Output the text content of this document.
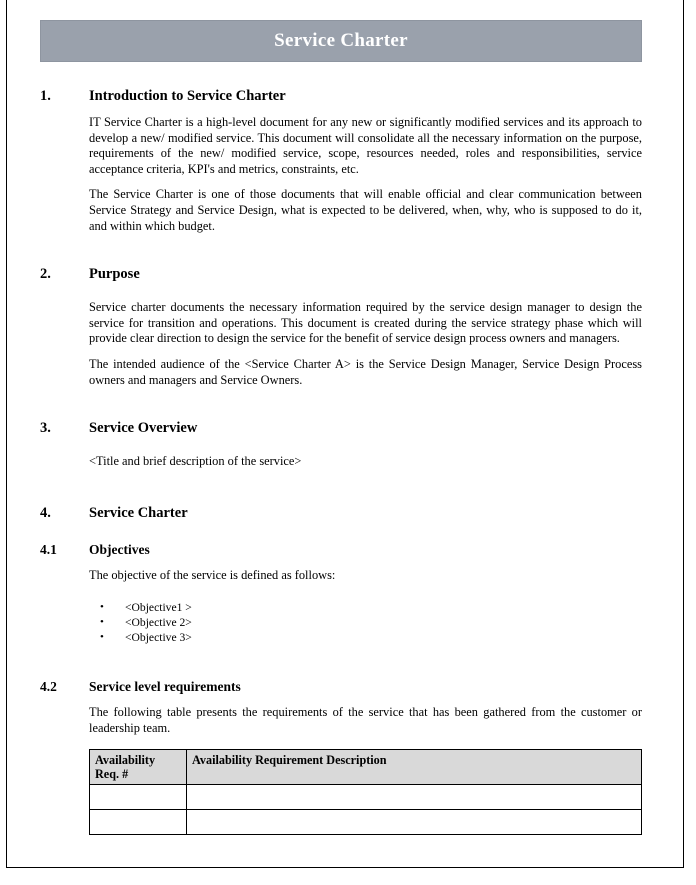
Service Charter
1.	Introduction to Service Charter

IT Service Charter is a high-level document for any new or significantly modified services and its approach to develop a new/ modified service. This document will consolidate all the necessary information on the purpose, requirements of the new/ modified service, scope, resources needed, roles and responsibilities, service acceptance criteria, KPI's and metrics, constraints, etc.

The Service Charter is one of those documents that will enable official and clear communication between Service Strategy and Service Design, what is expected to be delivered, when, why, who is supposed to do it, and within which budget.

2.	Purpose

Service charter documents the necessary information required by the service design manager to design the service for transition and operations. This document is created during the service strategy phase which will provide clear direction to design the service for the benefit of service design process owners and managers.

The intended audience of the <Service Charter A> is the Service Design Manager, Service Design Process owners and managers and Service Owners.

3.	Service Overview

<Title and brief description of the service>

4.	Service Charter
4.1	Objectives

The objective of the service is defined as follows:

• <Objective1 >
• <Objective 2>
• <Objective 3>
4.2	Service level requirements

The following table presents the requirements of the service that has been gathered from the customer or leadership team.

Availability Req. #	Availability Requirement Description
